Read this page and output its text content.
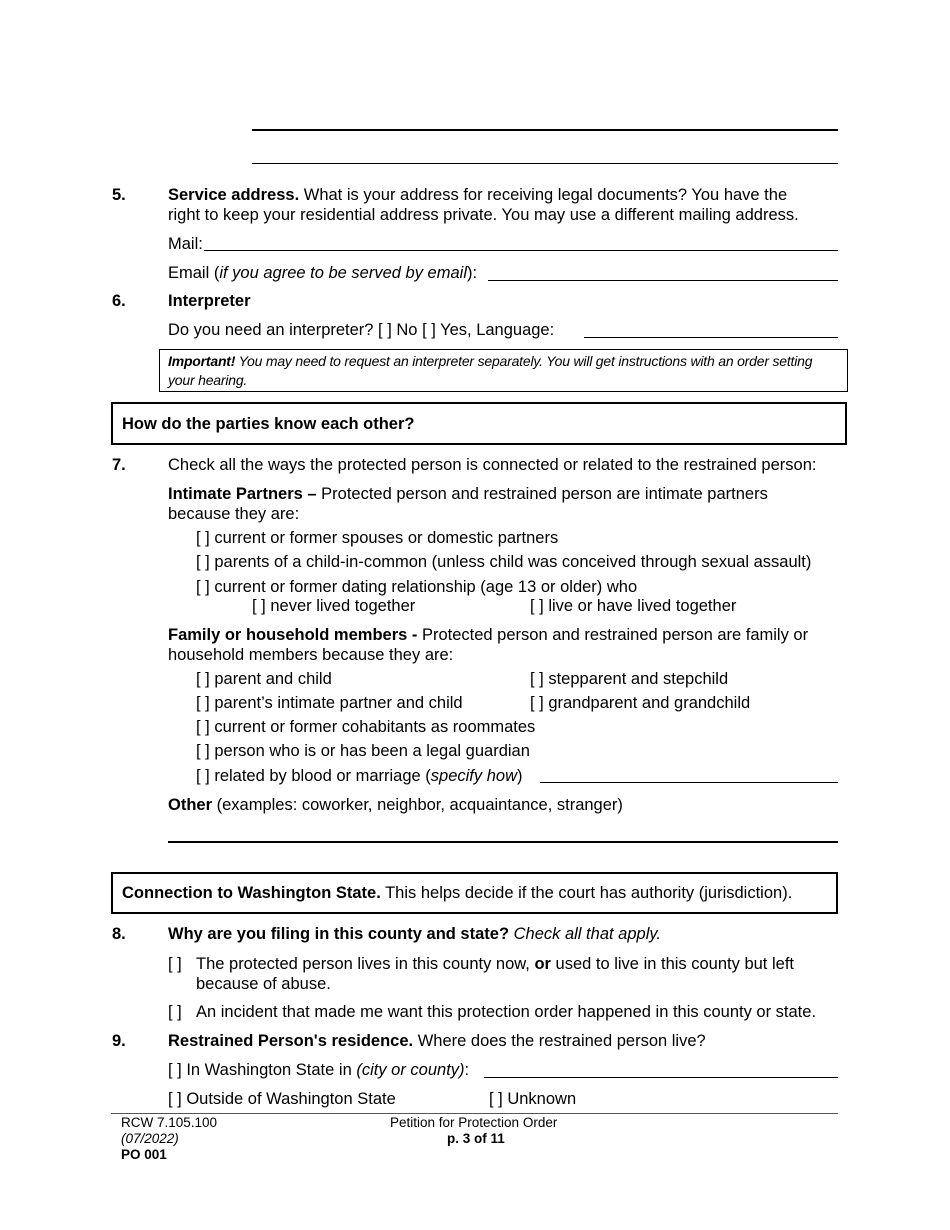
5.	Service address. What is your address for receiving legal documents? You have the
right to keep your residential address private. You may use a different mailing address.
Mail:
Email (if you agree to be served by email):
6.	Interpreter
Do you need an interpreter? [ ] No [ ] Yes, Language:
Important! You may need to request an interpreter separately. You will get instructions with an order setting
your hearing.
How do the parties know each other?
7.	Check all the ways the protected person is connected or related to the restrained person:
Intimate Partners – Protected person and restrained person are intimate partners
because they are:
[ ] current or former spouses or domestic partners
[ ] parents of a child-in-common (unless child was conceived through sexual assault)
[ ] current or former dating relationship (age 13 or older) who
[ ] never lived together	[ ] live or have lived together
Family or household members - Protected person and restrained person are family or
household members because they are:
[ ] parent and child	[ ] stepparent and stepchild
[ ] parent’s intimate partner and child	[ ] grandparent and grandchild
[ ] current or former cohabitants as roommates
[ ] person who is or has been a legal guardian
[ ] related by blood or marriage (specify how)
Other (examples: coworker, neighbor, acquaintance, stranger)
Connection to Washington State. This helps decide if the court has authority (jurisdiction).
8.	Why are you filing in this county and state? Check all that apply.
[ ] The protected person lives in this county now, or used to live in this county but left
because of abuse.
[ ] An incident that made me want this protection order happened in this county or state.
9.	Restrained Person's residence. Where does the restrained person live?
[ ] In Washington State in (city or county):
[ ] Outside of Washington State	[ ] Unknown
RCW 7.105.100
(07/2022)
PO 001
Petition for Protection Order
p. 3 of 11
